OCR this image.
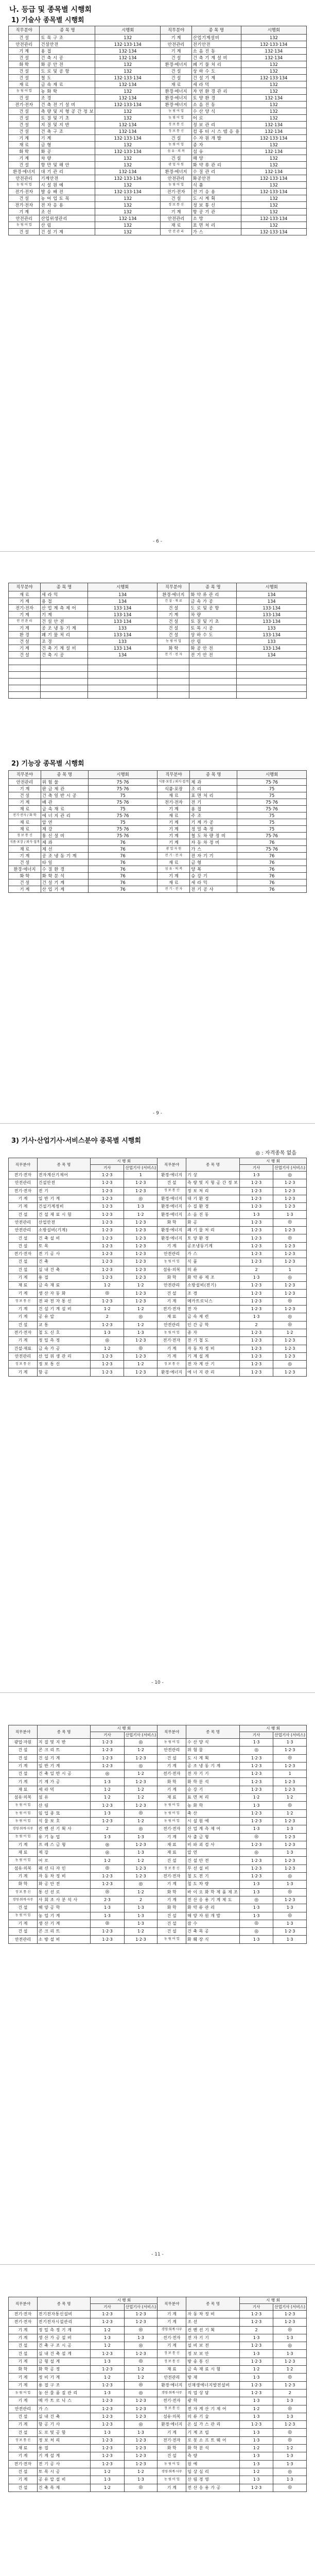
나. 등급 및 종목별 시행회
1) 기술사 종목별 시행회
직무분야	종 목 명	시행회	직무분야	종 목 명	시행회
건 설	토 목 구 조	132	기 계	산업기계설비	132
안전관리	건설안전	132·133·134	안전관리	전기안전	132·133·134
기 계	용 접	132·134	기 계	소 음 진 동	132·134
건 설	건 축 시 공	132·134	건 설	건 축 기 계 설 비	132·134
화 학	화 공 안 전	132	환경·에너지	폐 기 물 처 리	132
건 설	도 로 및 공 항	132	건 설	상 하 수 도	132
건 설	철 도	132·133·134	건 설	건 설 기 계	132·133·134
재 료	금 속 재 료	132·134	재 료	세 라 믹	132
농 림 어 업	농 화 학	132	환경·에너지	자 연 환 경 관 리	132
건 설	조 경	132·134	환경·에너지	토 양 환 경	132·134
전기·전자	건 축 전 기 설 비	132·133·134	환경·에너지	소 음 진 동	132
건 설	측 량 및 지 형 공 간 정 보	132	농 림 어 업	수 산 양 식	132
건 설	토 질 및 기 초	132	농 림 어 업	어 로	132
건 설	지 질 및 지 반	132·134	정 보 통 신	정 보 관 리	132·134
건 설	건 축 구 조	132·134	정 보 통 신	컴 퓨 터 시 스 템 응 용	132·134
기 계	기 계	132·133·134	건 설	수 자 원 개 발	132·133·134
재 료	금 형	132	농 림 어 업	종 자	132
화 학	화 공	132·133·134	섬 유 · 의 복	섬 유	132·134
기 계	차 량	132	건 설	해 양	132
건 설	항 만 및 해 안	132	광 업 자 원	화 약 류 관 리	132
환경·에너지	대 기 관 리	132·134	환경·에너지	수 질 관 리	132·134
안전관리	기계안전	132·133·134	안전관리	화공안전	132·133·134
농 림 어 업	시 설 원 예	132	농 림 어 업	식 품	132
전기·전자	발 송 배 전	132·133·134	전기·전자	전 기 응 용	132·133·134
건 설	농 어 업 토 목	132	건 설	도 시 계 획	132
전기·전자	전 자 응 용	132	정 보 통 신	정 보 통 신	132
기 계	조 선	132	기 계	항 공 기 관	132
안전관리	산업위생관리	132·134	안전관리	소 방	132·133·134
농 림 어 업	산 림	132	재 료	표 면 처 리	132
건 설	건 설 기 계	132	안 전 관 리	가 스	132·133·134
- 6 -
직무분야	종 목 명	시행회	직무분야	종 목 명	시행회
재 료	세 라 믹	134	환경·에너지	화 약 류 관 리	134
기 계	용 접	134	건 설 · 재 료	금 속 가 공	134
전기·전자	산 업 계 측 제 어	133·134	건 설	도 로 및 공 항	133·134
기 계	기 계	133·134	기 계	차 량	133·134
안 전 관 리	건 설 안 전	133·134	건 설	토 질 및 기 초	133·134
기 계	공 조 냉 동 기 계	133	건 설	토 목 시 공	133
환 경	폐 기 물 처 리	133·134	건 설	상 하 수 도	133·134
건 설	조 경	133	농 림 어 업	산 림	133
기 계	건 축 기 계 설 비	133·134	화 학	화 공 안 전	133·134
건 설	건 축 시 공	134	전 기 · 전 자	전 기 안 전	134

2) 기능장 종목별 시행회
직무분야	종 목 명	시행회	직무분야	종 목 명	시행회
안전관리	위 험 물	75·76	식품·포장 / 외식·접객	제 과	75·76
기 계	판 금 제 관	75·76	식품·포장	조 리	75
건 설	건 축 일 반 시 공	75	재 료	표 면 처 리	75
기 계	배 관	75·76	전기·전자	전 기	75·76
재 료	금 속 재 료	75	기 계	용 접	75·76
전기·전자 / 화 학	에 너 지 관 리	75·76	재 료	주 조	75
재 료	압 연	75	기 계	기 계 가 공	75
재 료	제 강	75·76	기 계	정 밀 측 정	75
정 보 통 신	통 신 설 비	75·76	기 계	철 도 차 량 정 비	75·76
식품·포장 / 외식·접객	제 과	76	기 계	자 동 차 정 비	76
재 료	제 선	76	광 업 자 원	가 스	75·76
기 계	공 조 냉 동 기 계	76	전 기 · 전 자	전 자 기 기	76
건 설	타 일	76	재 료	금 형	76
환경·에너지	수 질 환 경	76	섬 유 · 의 복	양 복	76
화 학	화 학 분 석	76	기 계	승 강 기	76
건 설	건 설 기 계	76	재 료	세 라 믹	76
기 계	산 업 기 계	76	전 기 · 전 자	전 기 공 사	76
- 9 -
3) 기사·산업기사·서비스분야 종목별 시행회
◎ : 자격종목 없음
직무분야	종 목 명	시 행 회		직무분야	종 목 명	시 행 회	
		기사	산업기사 (서비스)			기사	산업기사 (서비스)
전기·전자	전자계산기제어	1·2·3	1	환경·에너지	기 상	1·3	◎
안전관리	건설안전	1·2·3	1·2·3	건 설	측 량 및 지 형 공 간 정 보	1·2·3	1·2·3
전기·전자	전 기	1·2·3	1·2·3	정 보 통 신	정 보 처 리	1·2·3	1·2·3
기 계	일 반 기 계	1·2·3	◎	환경·에너지	대 기 환 경	1·2·3	1·2·3
기 계	건설기계정비	1·2·3	1·3	환경·에너지	수 질 환 경	1·2·3	1·2·3
건 설	건 설 재 료 시 험	1·2·3	1·2	환경·에너지	소 음 진 동	1·3	1·3
안전관리	산업안전	1·2·3	1·2·3	화 학	화 공	1·2·3	◎
안전관리	소방설비(기계)	1·2·3	1·2·3	환경·에너지	폐 기 물 처 리	1·2·3	1·2·3
건 설	건 축 설 비	1·2·3	1·2·3	환경·에너지	토 양 환 경	1·2·3	◎
건 설	토 목	1·2·3	1·2·3	기 계	공조냉동기계	1·2·3	1·2·3
전기·전자	전 기 공 사	1·2·3	1·2·3	안전관리	가 스	1·2·3	1·2·3
건 설	건 축	1·2·3	1·2·3	농 림 어 업	식 품	1·2·3	1·2·3
건 설	실 내 건 축	1·2·3	1·2·3	섬유·의복	의 류	2	1
기 계	용 접	1·2·3	1·2·3	화 학	화 약 류 제 조	1·3	◎
재 료	금 속 재 료	1·2	1·2	안전관리	소방설비(전기)	1·2·3	1·2·3
기 계	생 산 자 동 화	◎	1·2·3	건 설	조 경	1·2·3	1·2·3
정 보 통 신	전 파 전 자 통 신	1·2·3	1·2·3	기 계	메카트로닉스	1·2·3	◎
기 계	건 설 기 계 설 비	1·2	1·2	전기·전자	전 자	1·2·3	1·2·3
기 계	공 유 압	2	◎	재 료	금 속 제 련	1·3	◎
건 설	교 통	1·2·3	1·2	안전관리	인 간 공 학	2	◎
전기·전자	철 도 신 호	1·3	1·3	농 림 어 업	종 자	1·2·3	1·2
기 계	정 밀 측 정	◎	1·2·3	전기·전자	전 기 철 도	1·2·3	1·2·3
건설·재료	금 속 가 공	1·2	◎	기 계	자 동 차 정 비	1·2·3	1·2·3
안전관리	산 업 위 생 관 리	1·2·3	1·2·3	기 계	기 계 설 계	1·2·3	1·2·3
정 보 통 신	정 보 통 신	1·2·3	1·2	정 보 통 신	전 자 계 산 기	1·2·3	◎
기 계	항 공	1·2·3	1·2·3	환경·에너지	에 너 지 관 리	1·2·3	1·2·3
- 10 -
직무분야	종 목 명	시 행 회		직무분야	종 목 명	시 행 회	
		기사	산업기사 (서비스)			기사	산업기사 (서비스)
광업·자원	지 질 및 지 반	1·2·3	◎	농 림 어 업	수 산 양 식	1·3	1·3
건 설	콘 크 리 트	1·2·3	1·2	안전관리	위 험 물	◎	1·2·3
건 설	건 설 기 계	1·2·3	1·2·3	건 설	도 시 계 획	1·2·3	◎
기 계	일 반 기 계	1·2·3	◎	기 계	공 조 냉 동 기 계	1·2·3	1·2·3
건 설	건 축 일 반 시 공	◎	1·2	전기·전자	전 자 기 기	1·2·3	1
기 계	기 계 가 공	1·3	1·2·3	화 학	화 학 분 석	1·2·3	1·2·3
재 료	세 라 믹	1·2	1·2	기 계	승 강 기	1·2·3	1·2·3
섬유·의복	섬 유	1·2	1·2	재 료	표 면 처 리	1·2	1·2
농 림 어 업	산 림	1·2·3	1·2·3	농 림 어 업	농 화 학	1·3	◎
농 림 어 업	임 업 종 묘	1·3	◎	농 림 어 업	축 산	1·2·3	1·2
농 림 어 업	식 물 보 호	1·2·3	1·2	농 림 어 업	시 설 원 예	1·2·3	1·2·3
경영·회계·사무	컨 벤 션 기 획 사	2	◎	전기·전자	산 업 계 측 제 어	1·3	1·3
농 림 어 업	유 기 농 업	1·3	1·3	기 계	사 출 금 형	◎	1·2·3
기 계	프 레 스 금 형	◎	1·2·3	재 료	비 파 괴 검 사	1·2·3	1·2·3
재 료	제 강	◎	1·3	재 료	압 연	◎	1·3
농 림 어 업	어 로	1·2	1·2	건 설	건 설 안 전	1·2·3	1·2·3
섬유·의복	패 션 디 자 인	◎	1·2·3	정 보 통 신	무 선 설 비	1·2·3	1·2·3
기 계	자 동 차 정 비	1·2·3	1·2·3	전기·전자	철 도 전 기	1·2·3	◎
화 학	화 공 안 전	1·2·3	◎	기 계	철 도 차 량	1·3	1·3
정 보 통 신	통 신 선 로	◎	1·2	화 학	바 이 오 화 학 제 품 제 조	1·3	◎
경영·회계·사무	사 회 조 사 분 석 사	2·3	2	기 계	전 산 응 용 기 계 제 도	◎	1·2·3
건 설	해 양 공 학	1·3	1·3	화 학	화 약 류 관 리	1·3	1·3
농 림 어 업	농 업 기 계	1·3	1·3	건 설	해 양 자 원 개 발	1·3	◎
기 계	생 산 기 계	◎	1·3	건 설	잠 수	◎	1·3
건 설	콘 크 리 트	1·2·3	1·2	건 설	건 축 목 공	◎	1·2·3
안전관리	소 방 설 비	1·2·3	1·2·3	농 림 어 업	화 훼 장 식	1·3	1·3
- 11 -
직무분야	종 목 명	시 행 회		직무분야	종 목 명	시 행 회	
		기사	산업기사 (서비스)			기사	산업기사 (서비스)
전기·전자	전기전자통신설비	1·2·3	1·2·3	기 계	자 동 차 정 비	1·2·3	1·2·3
전기·전자	전기전자시설관리	1·2·3	1·2·3	기 계	조 선	1·2·3	1·2·3
기 계	정 밀 측 정 기 계	1·2	◎	경영·회계·사무	컨 벤 션 기 획	2	◎
기 계	생 산 가 공 설 비	1·3	1·3	전기·전자	전 자 기 기	1·3	1·3
건 설	건 축 구 조 시 공	1·2	◎	기 계	설 비 보 전	1·2·3	◎
건 설	실 내 건 축 설 계	1·2·3	1·2·3	정 보 통 신	정 보 보 안	1·3	1·3
기 계	금 형 설 계	1·3	◎	정 보 통 신	방 송 통 신	1·2·3	1·2·3
화 학	화 학 공 정	1·2·3	1·2	재 료	금 속 재 료 시 험	1·2	1·2
기 계	정 비 기 계	1·2	1·2	안전관리	방 재	1·3	◎
기 계	용 접 구 조	1·2·3	◎	환경·에너지	신재생에너지발전설비	1·2·3	1·2·3
농 림 어 업	농 산 물 품 질 관 리	1·3	◎	경영·회계·사무	직 업 상 담	1·2·3	2
기 계	메 카 트 로 닉 스	1·2·3	1·2·3	전기·전자	광 학	1·3	1·3
안전관리	가 스	1·2·3	1·2·3	정 보 통 신	전 자 계 산 기 제 어	1·2	◎
건 설	실 내 건 축	1·2·3	1·2·3	섬유·의복	의 류 기 술	1·3	1·3
기 계	항 공 기 사	1·2·3	◎	환경·에너지	온 실 가 스 관 리	1·2·3	1·2·3
건 설	도 로 및 공 항	1·3	1·3	기 계	기 계 조 립	1·3	◎
정 보 통 신	정 보 처 리	1·2·3	1·2·3	전기·전자	로 봇 소 프 트 웨 어	1·3	◎
재 료	용 접	1·2·3	1·2·3	화 학	화 학 분 석	1·2	1·2
기 계	기 계 설 계	1·2·3	1·2·3	건 설	측 량	1·3	1·3
전기·전자	전 기 공 사	1·2·3	1·2·3	농 림 어 업	원 예	1·3	1·3
건 설	토 목 시 공	1·2	1·2	경영·회계·사무	임 상 심 리	1·2	◎
기 계	공 유 압 설 비	1·3	1·3	농 림 어 업	산 림 경 영	1·3	1·3
건 설	건 축 목 재	1·2	◎	기 계	전 산 응 용 가 공	1·2·3	◎
